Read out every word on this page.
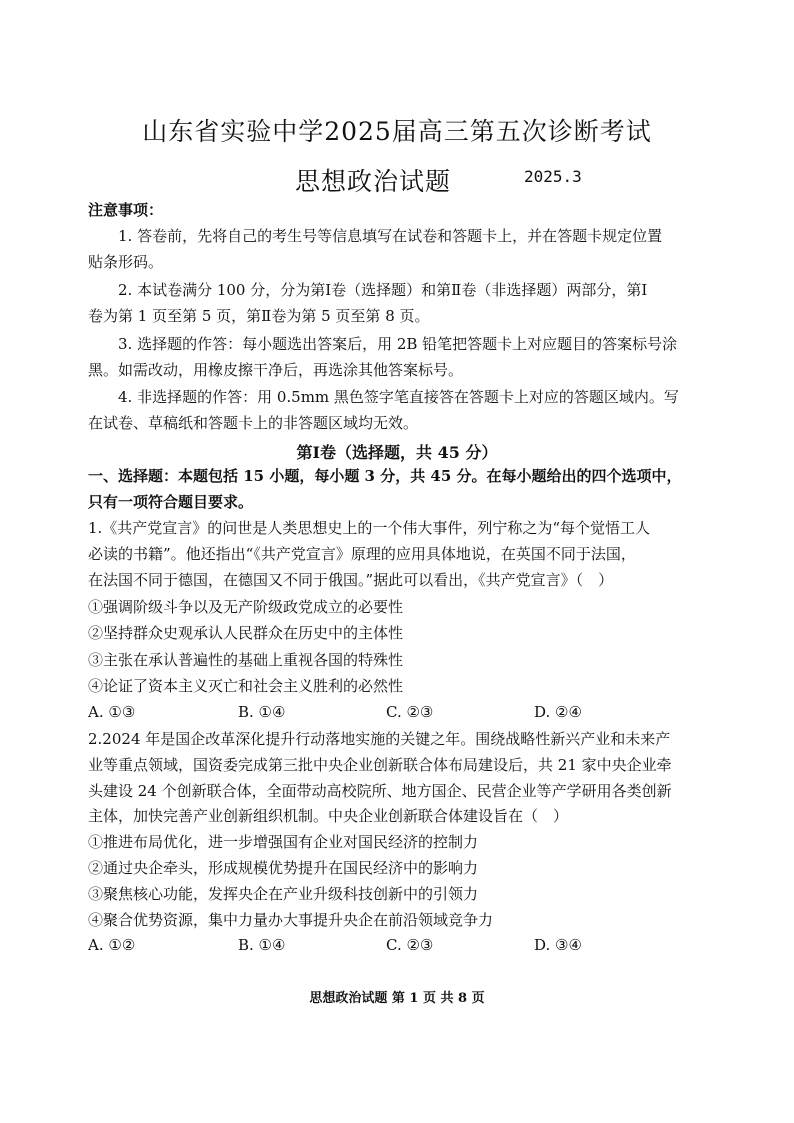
山东省实验中学2025届高三第五次诊断考试
思想政治试题	2025.3
注意事项：
1. 答卷前，先将自己的考生号等信息填写在试卷和答题卡上，并在答题卡规定位置
贴条形码。
2. 本试卷满分 100 分，分为第Ⅰ卷（选择题）和第Ⅱ卷（非选择题）两部分，第Ⅰ
卷为第 1 页至第 5 页，第Ⅱ卷为第 5 页至第 8 页。
3. 选择题的作答：每小题选出答案后，用 2B 铅笔把答题卡上对应题目的答案标号涂
黑。如需改动，用橡皮擦干净后，再选涂其他答案标号。
4. 非选择题的作答：用 0.5mm 黑色签字笔直接答在答题卡上对应的答题区域内。写
在试卷、草稿纸和答题卡上的非答题区域均无效。
第Ⅰ卷（选择题，共 45 分）
一、选择题：本题包括 15 小题，每小题 3 分，共 45 分。在每小题给出的四个选项中，
只有一项符合题目要求。
1.《共产党宣言》的问世是人类思想史上的一个伟大事件，列宁称之为“每个觉悟工人
必读的书籍”。他还指出“《共产党宣言》原理的应用具体地说，在英国不同于法国，
在法国不同于德国，在德国又不同于俄国。”据此可以看出，《共产党宣言》（　）
①强调阶级斗争以及无产阶级政党成立的必要性
②坚持群众史观承认人民群众在历史中的主体性
③主张在承认普遍性的基础上重视各国的特殊性
④论证了资本主义灭亡和社会主义胜利的必然性
A. ①③	B. ①④	C. ②③	D. ②④
2.2024 年是国企改革深化提升行动落地实施的关键之年。围绕战略性新兴产业和未来产
业等重点领域，国资委完成第三批中央企业创新联合体布局建设后，共 21 家中央企业牵
头建设 24 个创新联合体，全面带动高校院所、地方国企、民营企业等产学研用各类创新
主体，加快完善产业创新组织机制。中央企业创新联合体建设旨在（　）
①推进布局优化，进一步增强国有企业对国民经济的控制力
②通过央企牵头，形成规模优势提升在国民经济中的影响力
③聚焦核心功能，发挥央企在产业升级科技创新中的引领力
④聚合优势资源，集中力量办大事提升央企在前沿领域竞争力
A. ①②	B. ①④	C. ②③	D. ③④
思想政治试题 第 1 页 共 8 页
